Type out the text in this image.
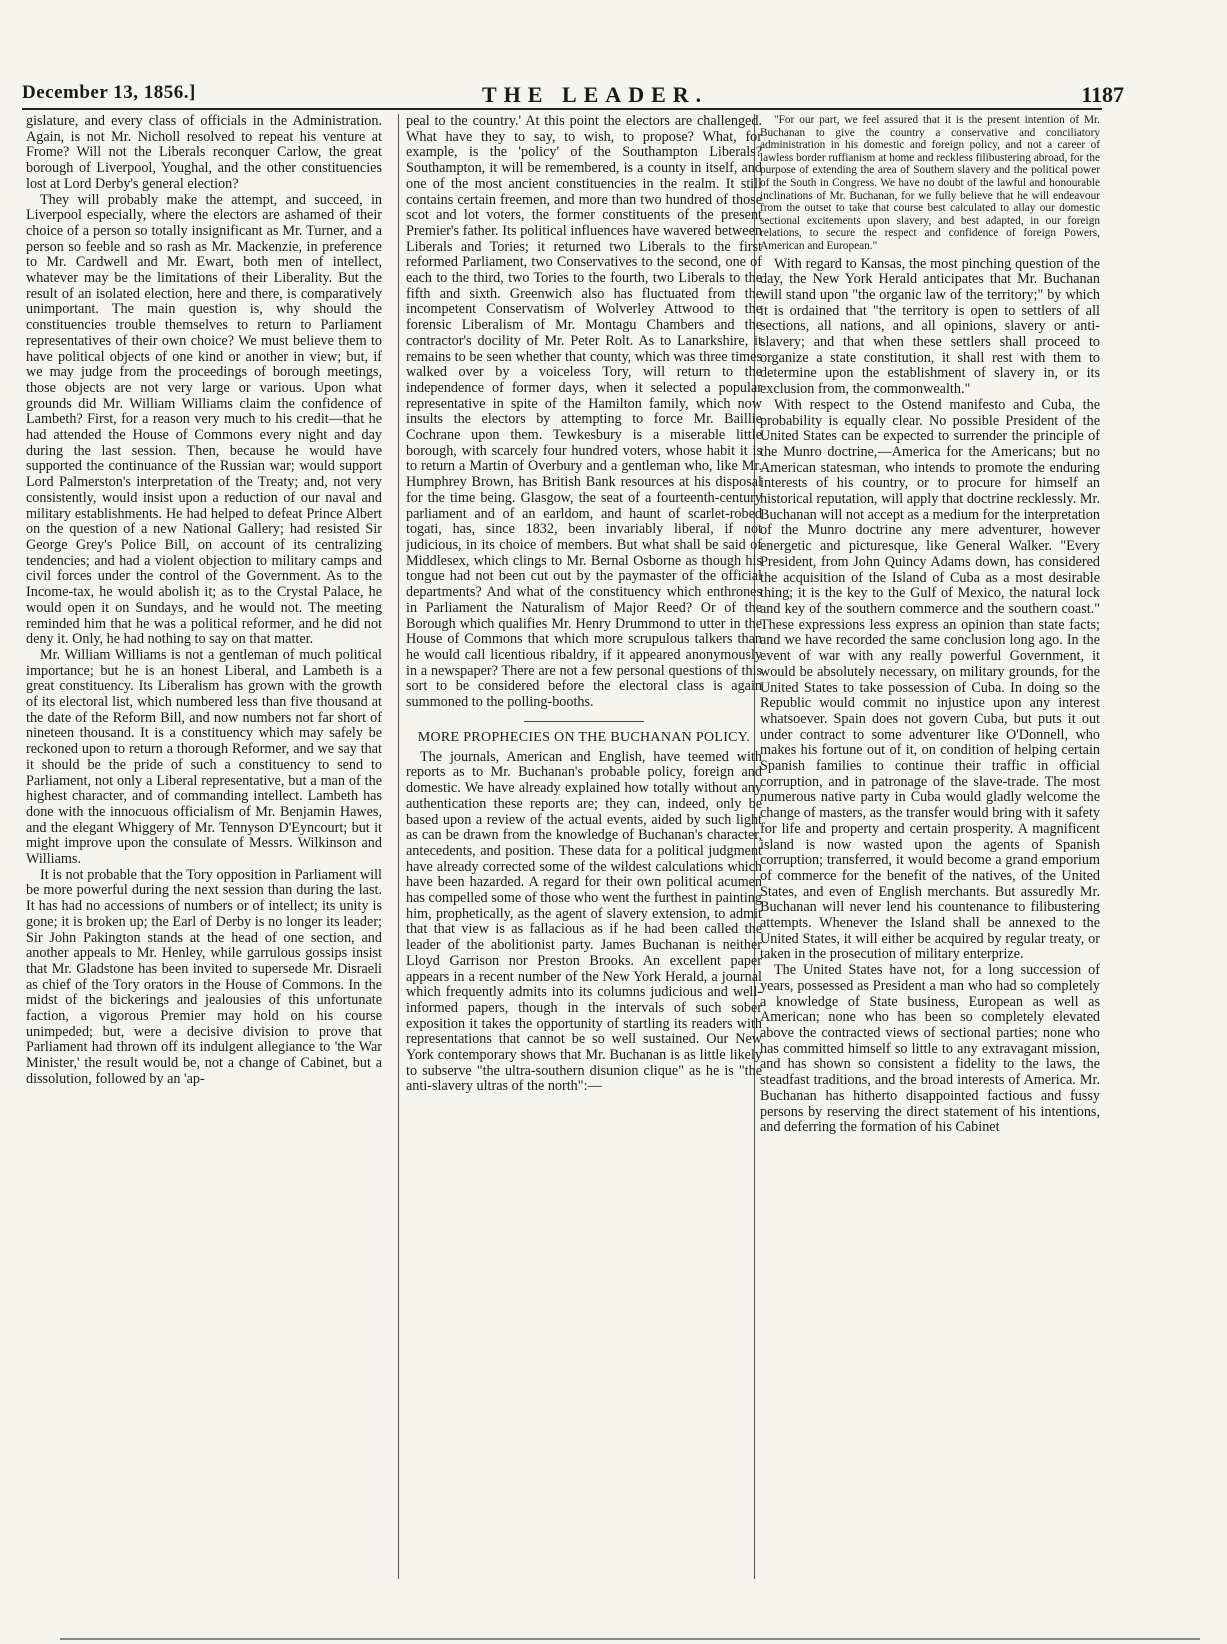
December 13, 1856.]	THE LEADER.	1187

gislature, and every class of officials in the Administration. Again, is not Mr. Nicholl resolved to repeat his venture at Frome? Will not the Liberals reconquer Carlow, the great borough of Liverpool, Youghal, and the other constituencies lost at Lord Derby's general election?

They will probably make the attempt, and succeed, in Liverpool especially, where the electors are ashamed of their choice of a person so totally insignificant as Mr. Turner, and a person so feeble and so rash as Mr. Mackenzie, in preference to Mr. Cardwell and Mr. Ewart, both men of intellect, whatever may be the limitations of their Liberality. But the result of an isolated election, here and there, is comparatively unimportant. The main question is, why should the constituencies trouble themselves to return to Parliament representatives of their own choice? We must believe them to have political objects of one kind or another in view; but, if we may judge from the proceedings of borough meetings, those objects are not very large or various. Upon what grounds did Mr. William Williams claim the confidence of Lambeth? First, for a reason very much to his credit—that he had attended the House of Commons every night and day during the last session. Then, because he would have supported the continuance of the Russian war; would support Lord Palmerston's interpretation of the Treaty; and, not very consistently, would insist upon a reduction of our naval and military establishments. He had helped to defeat Prince Albert on the question of a new National Gallery; had resisted Sir George Grey's Police Bill, on account of its centralizing tendencies; and had a violent objection to military camps and civil forces under the control of the Government. As to the Income-tax, he would abolish it; as to the Crystal Palace, he would open it on Sundays, and he would not. The meeting reminded him that he was a political reformer, and he did not deny it. Only, he had nothing to say on that matter.

Mr. William Williams is not a gentleman of much political importance; but he is an honest Liberal, and Lambeth is a great constituency. Its Liberalism has grown with the growth of its electoral list, which numbered less than five thousand at the date of the Reform Bill, and now numbers not far short of nineteen thousand. It is a constituency which may safely be reckoned upon to return a thorough Reformer, and we say that it should be the pride of such a constituency to send to Parliament, not only a Liberal representative, but a man of the highest character, and of commanding intellect. Lambeth has done with the innocuous officialism of Mr. Benjamin Hawes, and the elegant Whiggery of Mr. Tennyson D'Eyncourt; but it might improve upon the consulate of Messrs. Wilkinson and Williams.

It is not probable that the Tory opposition in Parliament will be more powerful during the next session than during the last. It has had no accessions of numbers or of intellect; its unity is gone; it is broken up; the Earl of Derby is no longer its leader; Sir John Pakington stands at the head of one section, and another appeals to Mr. Henley, while garrulous gossips insist that Mr. Gladstone has been invited to supersede Mr. Disraeli as chief of the Tory orators in the House of Commons. In the midst of the bickerings and jealousies of this unfortunate faction, a vigorous Premier may hold on his course unimpeded; but, were a decisive division to prove that Parliament had thrown off its indulgent allegiance to 'the War Minister,' the result would be, not a change of Cabinet, but a dissolution, followed by an 'ap-

peal to the country.' At this point the electors are challenged. What have they to say, to wish, to propose? What, for example, is the 'policy' of the Southampton Liberals? Southampton, it will be remembered, is a county in itself, and one of the most ancient constituencies in the realm. It still contains certain freemen, and more than two hundred of those scot and lot voters, the former constituents of the present Premier's father. Its political influences have wavered between Liberals and Tories; it returned two Liberals to the first reformed Parliament, two Conservatives to the second, one of each to the third, two Tories to the fourth, two Liberals to the fifth and sixth. Greenwich also has fluctuated from the incompetent Conservatism of Wolverley Attwood to the forensic Liberalism of Mr. Montagu Chambers and the contractor's docility of Mr. Peter Rolt. As to Lanarkshire, it remains to be seen whether that county, which was three times walked over by a voiceless Tory, will return to the independence of former days, when it selected a popular representative in spite of the Hamilton family, which now insults the electors by attempting to force Mr. Baillie Cochrane upon them. Tewkesbury is a miserable little borough, with scarcely four hundred voters, whose habit it is to return a Martin of Overbury and a gentleman who, like Mr. Humphrey Brown, has British Bank resources at his disposal for the time being. Glasgow, the seat of a fourteenth-century parliament and of an earldom, and haunt of scarlet-robed togati, has, since 1832, been invariably liberal, if not judicious, in its choice of members. But what shall be said of Middlesex, which clings to Mr. Bernal Osborne as though his tongue had not been cut out by the paymaster of the official departments? And what of the constituency which enthrones in Parliament the Naturalism of Major Reed? Or of the Borough which qualifies Mr. Henry Drummond to utter in the House of Commons that which more scrupulous talkers than he would call licentious ribaldry, if it appeared anonymously in a newspaper? There are not a few personal questions of this sort to be considered before the electoral class is again summoned to the polling-booths.

MORE PROPHECIES ON THE BUCHANAN POLICY.

The journals, American and English, have teemed with reports as to Mr. Buchanan's probable policy, foreign and domestic. We have already explained how totally without any authentication these reports are; they can, indeed, only be based upon a review of the actual events, aided by such light as can be drawn from the knowledge of Buchanan's character, antecedents, and position. These data for a political judgment have already corrected some of the wildest calculations which have been hazarded. A regard for their own political acumen has compelled some of those who went the furthest in painting him, prophetically, as the agent of slavery extension, to admit that that view is as fallacious as if he had been called the leader of the abolitionist party. James Buchanan is neither Lloyd Garrison nor Preston Brooks. An excellent paper appears in a recent number of the New York Herald, a journal which frequently admits into its columns judicious and well-informed papers, though in the intervals of such sober exposition it takes the opportunity of startling its readers with representations that cannot be so well sustained. Our New York contemporary shows that Mr. Buchanan is as little likely to subserve "the ultra-southern disunion clique" as he is "the anti-slavery ultras of the north":—

"For our part, we feel assured that it is the present intention of Mr. Buchanan to give the country a conservative and conciliatory administration in his domestic and foreign policy, and not a career of lawless border ruffianism at home and reckless filibustering abroad, for the purpose of extending the area of Southern slavery and the political power of the South in Congress. We have no doubt of the lawful and honourable inclinations of Mr. Buchanan, for we fully believe that he will endeavour from the outset to take that course best calculated to allay our domestic sectional excitements upon slavery, and best adapted, in our foreign relations, to secure the respect and confidence of foreign Powers, American and European."

With regard to Kansas, the most pinching question of the day, the New York Herald anticipates that Mr. Buchanan will stand upon "the organic law of the territory;" by which it is ordained that "the territory is open to settlers of all sections, all nations, and all opinions, slavery or anti-slavery; and that when these settlers shall proceed to organize a state constitution, it shall rest with them to determine upon the establishment of slavery in, or its exclusion from, the commonwealth."

With respect to the Ostend manifesto and Cuba, the probability is equally clear. No possible President of the United States can be expected to surrender the principle of the Munro doctrine,—America for the Americans; but no American statesman, who intends to promote the enduring interests of his country, or to procure for himself an historical reputation, will apply that doctrine recklessly. Mr. Buchanan will not accept as a medium for the interpretation of the Munro doctrine any mere adventurer, however energetic and picturesque, like General Walker. "Every President, from John Quincy Adams down, has considered the acquisition of the Island of Cuba as a most desirable thing; it is the key to the Gulf of Mexico, the natural lock and key of the southern commerce and the southern coast." These expressions less express an opinion than state facts; and we have recorded the same conclusion long ago. In the event of war with any really powerful Government, it would be absolutely necessary, on military grounds, for the United States to take possession of Cuba. In doing so the Republic would commit no injustice upon any interest whatsoever. Spain does not govern Cuba, but puts it out under contract to some adventurer like O'Donnell, who makes his fortune out of it, on condition of helping certain Spanish families to continue their traffic in official corruption, and in patronage of the slave-trade. The most numerous native party in Cuba would gladly welcome the change of masters, as the transfer would bring with it safety for life and property and certain prosperity. A magnificent island is now wasted upon the agents of Spanish corruption; transferred, it would become a grand emporium of commerce for the benefit of the natives, of the United States, and even of English merchants. But assuredly Mr. Buchanan will never lend his countenance to filibustering attempts. Whenever the Island shall be annexed to the United States, it will either be acquired by regular treaty, or taken in the prosecution of military enterprize.

The United States have not, for a long succession of years, possessed as President a man who had so completely a knowledge of State business, European as well as American; none who has been so completely elevated above the contracted views of sectional parties; none who has committed himself so little to any extravagant mission, and has shown so consistent a fidelity to the laws, the steadfast traditions, and the broad interests of America. Mr. Buchanan has hitherto disappointed factious and fussy persons by reserving the direct statement of his intentions, and deferring the formation of his Cabinet
